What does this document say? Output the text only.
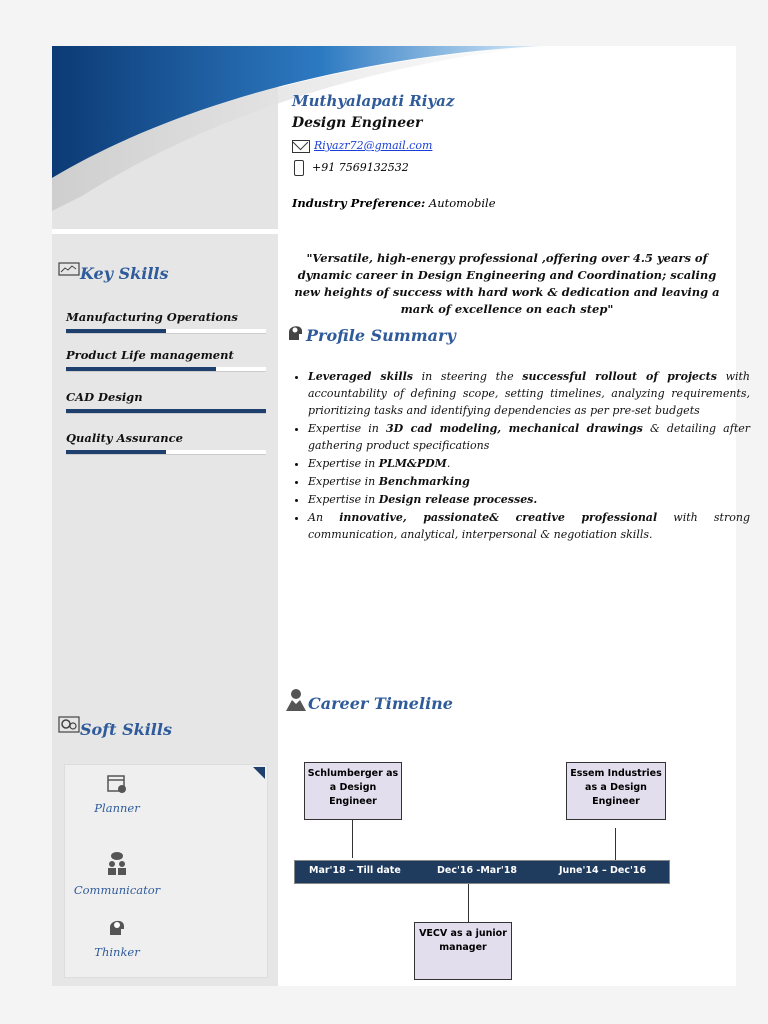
Muthyalapati Riyaz
Design Engineer
Riyazr72@gmail.com
+91 7569132532
Industry Preference: Automobile
Key Skills
Manufacturing Operations
Product Life management
CAD Design
Quality Assurance
Soft Skills
Planner
Communicator
Thinker
"Versatile, high-energy professional ,offering over 4.5 years of dynamic career in Design Engineering and Coordination; scaling new heights of success with hard work & dedication and leaving a mark of excellence on each step"
Profile Summary
• Leveraged skills in steering the successful rollout of projects with accountability of defining scope, setting timelines, analyzing requirements, prioritizing tasks and identifying dependencies as per pre-set budgets
• Expertise in 3D cad modeling, mechanical drawings & detailing after gathering product specifications
• Expertise in PLM&PDM.
• Expertise in Benchmarking
• Expertise in Design release processes.
• An innovative, passionate& creative professional with strong communication, analytical, interpersonal & negotiation skills.
Career Timeline
Schlumberger as a Design Engineer
Essem Industries as a Design Engineer
Mar'18 – Till date	Dec'16 -Mar'18	June'14 – Dec'16
VECV as a junior manager
